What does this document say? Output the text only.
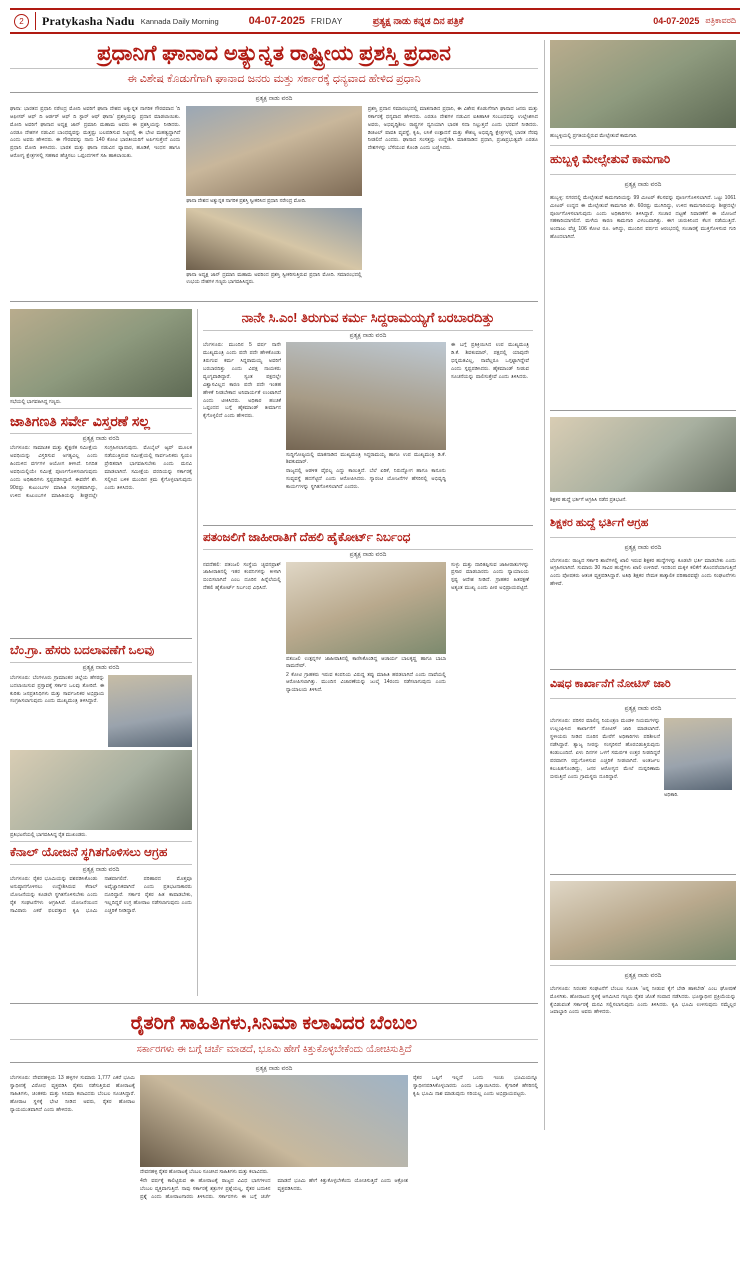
2	Pratykasha Nadu Kannada Daily Morning	04-07-2025 FRIDAY	ಪ್ರತ್ಯಕ್ಷ ನಾಡು ಕನ್ನಡ ದಿನ ಪತ್ರಿಕೆ	04-07-2025 ಪತ್ರಿಕಾವರದಿ
ಪ್ರಧಾನಿಗೆ ಘಾನಾದ ಅತ್ಯುನ್ನತ ರಾಷ್ಟ್ರೀಯ ಪ್ರಶಸ್ತಿ ಪ್ರದಾನ
ಈ ವಿಶೇಷ ಕೊಡುಗೆಗಾಗಿ ಘಾನಾದ ಜನರು ಮತ್ತು ಸರ್ಕಾರಕ್ಕೆ ಧನ್ಯವಾದ ಹೇಳಿದ ಪ್ರಧಾನಿ
ಪ್ರತ್ಯಕ್ಷ ನಾಡು ವರದಿ
ಘಾನಾ: ಭಾರತದ ಪ್ರಧಾನಿ ನರೇಂದ್ರ ಮೋದಿ ಅವರಿಗೆ ಘಾನಾ ದೇಶದ ಅತ್ಯುನ್ನತ ನಾಗರಿಕ ಗೌರವವಾದ 'ದಿ ಆಫೀಸರ್ ಆಫ್ ದಿ ಆರ್ಡರ್ ಆಫ್ ದಿ ಸ್ಟಾರ್ ಆಫ್ ಘಾನಾ' ಪ್ರಶಸ್ತಿಯನ್ನು ಪ್ರದಾನ ಮಾಡಲಾಯಿತು. ಮೋದಿ ಅವರಿಗೆ ಘಾನಾದ ಅಧ್ಯಕ್ಷ ಜಾನ್ ದ್ರಮಾನಿ ಮಹಾಮ ಅವರು ಈ ಪ್ರಶಸ್ತಿಯನ್ನು ನೀಡಿದರು. ಎರಡೂ ದೇಶಗಳ ನಡುವಿನ ಬಾಂಧವ್ಯವನ್ನು ಮತ್ತಷ್ಟು ಬಲಪಡಿಸುವ ನಿಟ್ಟಿನಲ್ಲಿ ಈ ಭೇಟಿ ಮಹತ್ವದ್ದಾಗಿದೆ ಎಂದು ಅವರು ಹೇಳಿದರು. ಈ ಗೌರವವನ್ನು ನಾನು 140 ಕೋಟಿ ಭಾರತೀಯರಿಗೆ ಅರ್ಪಿಸುತ್ತೇನೆ ಎಂದು ಪ್ರಧಾನಿ ಮೋದಿ ತಿಳಿಸಿದರು. ಭಾರತ ಮತ್ತು ಘಾನಾ ನಡುವಿನ ವ್ಯಾಪಾರ, ಹೂಡಿಕೆ, ಇಂಧನ ಹಾಗೂ ಆರೋಗ್ಯ ಕ್ಷೇತ್ರಗಳಲ್ಲಿ ಸಹಕಾರ ಹೆಚ್ಚಿಸಲು ಒಪ್ಪಂದಗಳಿಗೆ ಸಹಿ ಹಾಕಲಾಯಿತು.
ಘಾನಾ ದೇಶದ ಅತ್ಯುನ್ನತ ನಾಗರಿಕ ಪ್ರಶಸ್ತಿ ಸ್ವೀಕರಿಸಿದ ಪ್ರಧಾನಿ ನರೇಂದ್ರ ಮೋದಿ.
ಘಾನಾ ಅಧ್ಯಕ್ಷ ಜಾನ್ ದ್ರಮಾನಿ ಮಹಾಮ ಅವರಿಂದ ಪ್ರಶಸ್ತಿ ಸ್ವೀಕರಿಸುತ್ತಿರುವ ಪ್ರಧಾನಿ ಮೋದಿ. ಸಮಾರಂಭದಲ್ಲಿ ಉಭಯ ದೇಶಗಳ ಗಣ್ಯರು ಭಾಗವಹಿಸಿದ್ದರು.
ಪ್ರಶಸ್ತಿ ಪ್ರದಾನ ಸಮಾರಂಭದಲ್ಲಿ ಮಾತನಾಡಿದ ಪ್ರಧಾನಿ, ಈ ವಿಶೇಷ ಕೊಡುಗೆಗಾಗಿ ಘಾನಾದ ಜನರು ಮತ್ತು ಸರ್ಕಾರಕ್ಕೆ ಧನ್ಯವಾದ ಹೇಳಿದರು. ಎರಡೂ ದೇಶಗಳ ನಡುವಿನ ಐತಿಹಾಸಿಕ ಸಂಬಂಧವನ್ನು ಉಲ್ಲೇಖಿಸಿದ ಅವರು, ಅಭಿವೃದ್ಧಿಶೀಲ ರಾಷ್ಟ್ರಗಳ ಧ್ವನಿಯಾಗಿ ಭಾರತ ಸದಾ ನಿಲ್ಲುತ್ತದೆ ಎಂದು ಭರವಸೆ ನೀಡಿದರು. ಡಿಜಿಟಲ್ ಪಾವತಿ ವ್ಯವಸ್ಥೆ, ಕೃಷಿ, ಲಸಿಕೆ ಉತ್ಪಾದನೆ ಮತ್ತು ಕೌಶಲ್ಯ ಅಭಿವೃದ್ಧಿ ಕ್ಷೇತ್ರಗಳಲ್ಲಿ ಭಾರತ ನೆರವು ನೀಡಲಿದೆ ಎಂದರು. ಘಾನಾದ ಸಂಸತ್ತನ್ನು ಉದ್ದೇಶಿಸಿ ಮಾತನಾಡಿದ ಪ್ರಧಾನಿ, ಪ್ರಜಾಪ್ರಭುತ್ವವೇ ಎರಡೂ ದೇಶಗಳನ್ನು ಬೆಸೆಯುವ ಕೊಂಡಿ ಎಂದು ಬಣ್ಣಿಸಿದರು.
ಸಭೆಯಲ್ಲಿ ಭಾಗವಹಿಸಿದ್ದ ಗಣ್ಯರು.
ಜಾತಿಗಣತಿ ಸರ್ವೇ ವಿಸ್ತರಣೆ ಸಲ್ಲ
ಪ್ರತ್ಯಕ್ಷ ನಾಡು ವರದಿ
ಬೆಂಗಳೂರು: ಸಾಮಾಜಿಕ ಮತ್ತು ಶೈಕ್ಷಣಿಕ ಸಮೀಕ್ಷೆಯ ಅವಧಿಯನ್ನು ವಿಸ್ತರಿಸುವ ಅಗತ್ಯವಿಲ್ಲ ಎಂದು ಹಿಂದುಳಿದ ವರ್ಗಗಳ ಆಯೋಗ ತಿಳಿಸಿದೆ. ನಿಗದಿತ ಅವಧಿಯಲ್ಲಿಯೇ ಸಮೀಕ್ಷೆ ಪೂರ್ಣಗೊಳಿಸಲಾಗುವುದು ಎಂದು ಅಧಿಕಾರಿಗಳು ಸ್ಪಷ್ಟಪಡಿಸಿದ್ದಾರೆ. ಈವರೆಗೆ ಶೇ. 90ರಷ್ಟು ಕುಟುಂಬಗಳ ಮಾಹಿತಿ ಸಂಗ್ರಹವಾಗಿದ್ದು, ಉಳಿದ ಕುಟುಂಬಗಳ ಮಾಹಿತಿಯನ್ನು ಶೀಘ್ರದಲ್ಲೇ ಸಂಗ್ರಹಿಸಲಾಗುವುದು. ಮೊಬೈಲ್ ಆ್ಯಪ್ ಮೂಲಕ ನಡೆಯುತ್ತಿರುವ ಸಮೀಕ್ಷೆಯಲ್ಲಿ ಸಾರ್ವಜನಿಕರು ಸ್ವಯಂ ಪ್ರೇರಿತರಾಗಿ ಭಾಗವಹಿಸಬೇಕು ಎಂದು ಮನವಿ ಮಾಡಲಾಗಿದೆ. ಸಮೀಕ್ಷೆಯ ವರದಿಯನ್ನು ಸರ್ಕಾರಕ್ಕೆ ಸಲ್ಲಿಸಿದ ಬಳಿಕ ಮುಂದಿನ ಕ್ರಮ ಕೈಗೊಳ್ಳಲಾಗುವುದು ಎಂದು ತಿಳಿಸಿದರು.
ಬೆಂ.ಗ್ರಾ. ಹೆಸರು ಬದಲಾವಣೆಗೆ ಒಲವು
ಪ್ರತ್ಯಕ್ಷ ನಾಡು ವರದಿ
ಬೆಂಗಳೂರು: ಬೆಂಗಳೂರು ಗ್ರಾಮಾಂತರ ಜಿಲ್ಲೆಯ ಹೆಸರನ್ನು ಬದಲಾಯಿಸುವ ಪ್ರಸ್ತಾವಕ್ಕೆ ಸರ್ಕಾರ ಒಲವು ತೋರಿದೆ. ಈ ಕುರಿತು ಜನಪ್ರತಿನಿಧಿಗಳು ಮತ್ತು ಸಾರ್ವಜನಿಕರ ಅಭಿಪ್ರಾಯ ಸಂಗ್ರಹಿಸಲಾಗುವುದು ಎಂದು ಮುಖ್ಯಮಂತ್ರಿ ತಿಳಿಸಿದ್ದಾರೆ.
ಪ್ರತಿಭಟನೆಯಲ್ಲಿ ಭಾಗವಹಿಸಿದ್ದ ರೈತ ಮುಖಂಡರು.
ಕೆನಾಲ್ ಯೋಜನೆ ಸ್ಥಗಿತಗೊಳಿಸಲು ಆಗ್ರಹ
ಪ್ರತ್ಯಕ್ಷ ನಾಡು ವರದಿ
ಬೆಂಗಳೂರು: ರೈತರ ಭೂಮಿಯನ್ನು ವಶಪಡಿಸಿಕೊಂಡು ಅನುಷ್ಠಾನಗೊಳಿಸಲು ಉದ್ದೇಶಿಸಿರುವ ಕೆನಾಲ್ ಯೋಜನೆಯನ್ನು ಕೂಡಲೇ ಸ್ಥಗಿತಗೊಳಿಸಬೇಕು ಎಂದು ರೈತ ಸಂಘಟನೆಗಳು ಆಗ್ರಹಿಸಿವೆ. ಯೋಜನೆಯಿಂದ ಸಾವಿರಾರು ಎಕರೆ ಫಲವತ್ತಾದ ಕೃಷಿ ಭೂಮಿ ನಾಶವಾಗಲಿದೆ. ಪರಿಹಾರದ ಮೊತ್ತವೂ ಅವೈಜ್ಞಾನಿಕವಾಗಿದೆ ಎಂದು ಪ್ರತಿಭಟನಾಕಾರರು ದೂರಿದ್ದಾರೆ. ಸರ್ಕಾರ ರೈತರ ಹಿತ ಕಾಪಾಡಬೇಕು, ಇಲ್ಲದಿದ್ದರೆ ಉಗ್ರ ಹೋರಾಟ ನಡೆಸಲಾಗುವುದು ಎಂದು ಎಚ್ಚರಿಕೆ ನೀಡಿದ್ದಾರೆ.
ನಾನೇ ಸಿ.ಎಂ! ತಿರುಗುವ ಕರ್ಮ ಸಿದ್ದರಾಮಯ್ಯಗೆ ಬರಬಾರದಿತ್ತು
ಪ್ರತ್ಯಕ್ಷ ನಾಡು ವರದಿ
ಬೆಂಗಳೂರು: ಮುಂದಿನ 5 ವರ್ಷ ನಾನೇ ಮುಖ್ಯಮಂತ್ರಿ ಎಂದು ಪದೇ ಪದೇ ಹೇಳಿಕೊಂಡು ತಿರುಗುವ ಕರ್ಮ ಸಿದ್ದರಾಮಯ್ಯ ಅವರಿಗೆ ಬರಬಾರದಿತ್ತು ಎಂದು ವಿಪಕ್ಷ ನಾಯಕರು ವ್ಯಂಗ್ಯವಾಡಿದ್ದಾರೆ. ಸ್ವಂತ ಪಕ್ಷದಲ್ಲೇ ವಿಶ್ವಾಸವಿಲ್ಲದ ಕಾರಣ ಪದೇ ಪದೇ ಇಂತಹ ಹೇಳಿಕೆ ನೀಡಬೇಕಾದ ಅನಿವಾರ್ಯತೆ ಉಂಟಾಗಿದೆ ಎಂದು ಟೀಕಿಸಿದರು. ಅಧಿಕಾರ ಹಂಚಿಕೆ ಒಪ್ಪಂದದ ಬಗ್ಗೆ ಹೈಕಮಾಂಡ್ ತೀರ್ಮಾನ ಕೈಗೊಳ್ಳಲಿದೆ ಎಂದು ಹೇಳಿದರು.
ಸುದ್ದಿಗೋಷ್ಠಿಯಲ್ಲಿ ಮಾತನಾಡಿದ ಮುಖ್ಯಮಂತ್ರಿ ಸಿದ್ದರಾಮಯ್ಯ ಹಾಗೂ ಉಪ ಮುಖ್ಯಮಂತ್ರಿ ಡಿ.ಕೆ. ಶಿವಕುಮಾರ್.
ರಾಜ್ಯದಲ್ಲಿ ಆಡಳಿತ ವೈಫಲ್ಯ ಎದ್ದು ಕಾಣುತ್ತಿದೆ. ಬೆಲೆ ಏರಿಕೆ, ನಿರುದ್ಯೋಗ ಹಾಗೂ ಕಾನೂನು ಸುವ್ಯವಸ್ಥೆ ಹದಗೆಟ್ಟಿದೆ ಎಂದು ಆರೋಪಿಸಿದರು. ಗ್ಯಾರಂಟಿ ಯೋಜನೆಗಳ ಹೆಸರಿನಲ್ಲಿ ಅಭಿವೃದ್ಧಿ ಕಾರ್ಯಗಳನ್ನು ಸ್ಥಗಿತಗೊಳಿಸಲಾಗಿದೆ ಎಂದರು.
ಈ ಬಗ್ಗೆ ಪ್ರತಿಕ್ರಿಯಿಸಿದ ಉಪ ಮುಖ್ಯಮಂತ್ರಿ ಡಿ.ಕೆ. ಶಿವಕುಮಾರ್, ಪಕ್ಷದಲ್ಲಿ ಯಾವುದೇ ಭಿನ್ನಮತವಿಲ್ಲ, ನಾವೆಲ್ಲರೂ ಒಗ್ಗಟ್ಟಾಗಿದ್ದೇವೆ ಎಂದು ಸ್ಪಷ್ಟಪಡಿಸಿದರು. ಹೈಕಮಾಂಡ್ ನೀಡುವ ಸೂಚನೆಯನ್ನು ಪಾಲಿಸುತ್ತೇವೆ ಎಂದು ತಿಳಿಸಿದರು.
ಪತಂಜಲಿಗೆ ಜಾಹೀರಾತಿಗೆ ದೆಹಲಿ ಹೈಕೋರ್ಟ್ ನಿರ್ಬಂಧ
ಪ್ರತ್ಯಕ್ಷ ನಾಡು ವರದಿ
ನವದೆಹಲಿ: ಪತಂಜಲಿ ಸಂಸ್ಥೆಯ ಚ್ಯವನಪ್ರಾಶ್ ಜಾಹೀರಾತಿನಲ್ಲಿ ಇತರ ಕಂಪನಿಗಳನ್ನು ಕೀಳಾಗಿ ಬಿಂಬಿಸಲಾಗಿದೆ ಎಂಬ ದೂರಿನ ಹಿನ್ನೆಲೆಯಲ್ಲಿ ದೆಹಲಿ ಹೈಕೋರ್ಟ್ ನಿರ್ಬಂಧ ವಿಧಿಸಿದೆ.
ಪತಂಜಲಿ ಉತ್ಪನ್ನಗಳ ಜಾಹೀರಾತಿನಲ್ಲಿ ಕಾಣಿಸಿಕೊಂಡಿದ್ದ ಆಚಾರ್ಯ ಬಾಲಕೃಷ್ಣ ಹಾಗೂ ಬಾಬಾ ರಾಮದೇವ್.
2 ಕೋಟಿ ಗ್ರಾಹಕರು ಇರುವ ಕಂಪನಿಯ ವಿರುದ್ಧ ತಪ್ಪು ಮಾಹಿತಿ ಹರಡಲಾಗಿದೆ ಎಂದು ದಾವೆಯಲ್ಲಿ ಆರೋಪಿಸಲಾಗಿತ್ತು. ಮುಂದಿನ ವಿಚಾರಣೆಯನ್ನು ಜುಲೈ 14ರಂದು ನಡೆಸಲಾಗುವುದು ಎಂದು ನ್ಯಾಯಾಲಯ ತಿಳಿಸಿದೆ.
ಸುಳ್ಳು ಮತ್ತು ದಾರಿತಪ್ಪಿಸುವ ಜಾಹೀರಾತುಗಳನ್ನು ಪ್ರಸಾರ ಮಾಡಬಾರದು ಎಂದು ನ್ಯಾಯಾಲಯ ಸ್ಪಷ್ಟ ಆದೇಶ ನೀಡಿದೆ. ಗ್ರಾಹಕರ ಹಿತರಕ್ಷಣೆ ಅತ್ಯಂತ ಮುಖ್ಯ ಎಂದು ಪೀಠ ಅಭಿಪ್ರಾಯಪಟ್ಟಿದೆ.
ರೈತರಿಗೆ ಸಾಹಿತಿಗಳು,ಸಿನಿಮಾ ಕಲಾವಿದರ ಬೆಂಬಲ
ಸರ್ಕಾರಗಳು ಈ ಬಗ್ಗೆ ಚರ್ಚೆ ಮಾಡದೆ, ಭೂಮಿ ಹೇಗೆ ಕಿತ್ತುಕೊಳ್ಳಬೇಕೆಂದು ಯೋಚಿಸುತ್ತಿದೆ
ಪ್ರತ್ಯಕ್ಷ ನಾಡು ವರದಿ
ಬೆಂಗಳೂರು: ದೇವನಹಳ್ಳಿಯ 13 ಹಳ್ಳಿಗಳ ಸುಮಾರು 1,777 ಎಕರೆ ಭೂಮಿ ಸ್ವಾಧೀನಕ್ಕೆ ವಿರೋಧ ವ್ಯಕ್ತಪಡಿಸಿ ರೈತರು ನಡೆಸುತ್ತಿರುವ ಹೋರಾಟಕ್ಕೆ ಸಾಹಿತಿಗಳು, ಚಿಂತಕರು ಮತ್ತು ಸಿನಿಮಾ ಕಲಾವಿದರು ಬೆಂಬಲ ಸೂಚಿಸಿದ್ದಾರೆ. ಹೋರಾಟ ಸ್ಥಳಕ್ಕೆ ಭೇಟಿ ನೀಡಿದ ಅವರು, ರೈತರ ಹೋರಾಟ ನ್ಯಾಯಯುತವಾಗಿದೆ ಎಂದು ಹೇಳಿದರು.
ದೇವನಹಳ್ಳಿ ರೈತರ ಹೋರಾಟಕ್ಕೆ ಬೆಂಬಲ ಸೂಚಿಸಿದ ಸಾಹಿತಿಗಳು ಮತ್ತು ಕಲಾವಿದರು.
4ನೇ ವರ್ಷಕ್ಕೆ ಕಾಲಿಟ್ಟಿರುವ ಈ ಹೋರಾಟಕ್ಕೆ ರಾಜ್ಯದ ವಿವಿಧ ಭಾಗಗಳಿಂದ ಬೆಂಬಲ ವ್ಯಕ್ತವಾಗುತ್ತಿದೆ. ನಾವು ಸರ್ಕಾರಕ್ಕೆ ಶತ್ರುಗಳ ಪ್ರಶ್ನೆಯಲ್ಲ, ರೈತರ ಬದುಕಿನ ಪ್ರಶ್ನೆ ಎಂದು ಹೋರಾಟಗಾರರು ತಿಳಿಸಿದರು. ಸರ್ಕಾರಗಳು ಈ ಬಗ್ಗೆ ಚರ್ಚೆ ಮಾಡದೆ ಭೂಮಿ ಹೇಗೆ ಕಿತ್ತುಕೊಳ್ಳಬೇಕೆಂದು ಯೋಚಿಸುತ್ತಿದೆ ಎಂದು ಆಕ್ರೋಶ ವ್ಯಕ್ತಪಡಿಸಿದರು.
ರೈತರ ಒಪ್ಪಿಗೆ ಇಲ್ಲದೆ ಒಂದು ಇಂಚು ಭೂಮಿಯನ್ನೂ ಸ್ವಾಧೀನಪಡಿಸಿಕೊಳ್ಳಬಾರದು ಎಂದು ಒತ್ತಾಯಿಸಿದರು. ಕೈಗಾರಿಕೆ ಹೆಸರಿನಲ್ಲಿ ಕೃಷಿ ಭೂಮಿ ನಾಶ ಮಾಡುವುದು ಸರಿಯಲ್ಲ ಎಂದು ಅಭಿಪ್ರಾಯಪಟ್ಟರು.
ಹುಬ್ಬಳ್ಳಿಯಲ್ಲಿ ಪ್ರಗತಿಯಲ್ಲಿರುವ ಮೇಲ್ಸೇತುವೆ ಕಾಮಗಾರಿ.
ಹುಬ್ಬಳ್ಳಿ ಮೇಲ್ಸೇತುವೆ ಕಾಮಗಾರಿ
ಪ್ರತ್ಯಕ್ಷ ನಾಡು ವರದಿ
ಹುಬ್ಬಳ್ಳಿ: ನಗರದಲ್ಲಿ ಮೇಲ್ಸೇತುವೆ ಕಾಮಗಾರಿಯನ್ನು 99 ಮೀಟರ್ ಕೆಲಸವನ್ನು ಪೂರ್ಣಗೊಳಿಸಲಾಗಿದೆ. ಒಟ್ಟು 1061 ಮೀಟರ್ ಉದ್ದದ ಈ ಮೇಲ್ಸೇತುವೆ ಕಾಮಗಾರಿ ಶೇ. 60ರಷ್ಟು ಮುಗಿದಿದ್ದು, ಉಳಿದ ಕಾಮಗಾರಿಯನ್ನು ಶೀಘ್ರದಲ್ಲೇ ಪೂರ್ಣಗೊಳಿಸಲಾಗುವುದು ಎಂದು ಅಧಿಕಾರಿಗಳು ತಿಳಿಸಿದ್ದಾರೆ. ಸಂಚಾರ ದಟ್ಟಣೆ ನಿವಾರಣೆಗೆ ಈ ಯೋಜನೆ ಸಹಕಾರಿಯಾಗಲಿದೆ. ಮಳೆಯ ಕಾರಣ ಕಾಮಗಾರಿ ವಿಳಂಬವಾಗಿತ್ತು. ಈಗ ಚುರುಕಿನಿಂದ ಕೆಲಸ ನಡೆಯುತ್ತಿದೆ. ಅಂದಾಜು ವೆಚ್ಚ 106 ಕೋಟಿ ರೂ. ಆಗಿದ್ದು, ಮುಂದಿನ ವರ್ಷದ ಆರಂಭದಲ್ಲಿ ಸಂಚಾರಕ್ಕೆ ಮುಕ್ತಗೊಳಿಸುವ ಗುರಿ ಹೊಂದಲಾಗಿದೆ.
ಶಿಕ್ಷಕರ ಹುದ್ದೆ ಭರ್ತಿಗೆ ಆಗ್ರಹಿಸಿ ನಡೆದ ಪ್ರತಿಭಟನೆ.
ಶಿಕ್ಷಕರ ಹುದ್ದೆ ಭರ್ತಿಗೆ ಆಗ್ರಹ
ಪ್ರತ್ಯಕ್ಷ ನಾಡು ವರದಿ
ಬೆಂಗಳೂರು: ರಾಜ್ಯದ ಸರ್ಕಾರಿ ಶಾಲೆಗಳಲ್ಲಿ ಖಾಲಿ ಇರುವ ಶಿಕ್ಷಕರ ಹುದ್ದೆಗಳನ್ನು ಕೂಡಲೇ ಭರ್ತಿ ಮಾಡಬೇಕು ಎಂದು ಆಗ್ರಹಿಸಲಾಗಿದೆ. ಸುಮಾರು 30 ಸಾವಿರ ಹುದ್ದೆಗಳು ಖಾಲಿ ಉಳಿದಿವೆ. ಇದರಿಂದ ಮಕ್ಕಳ ಕಲಿಕೆಗೆ ತೊಂದರೆಯಾಗುತ್ತಿದೆ ಎಂದು ಪೋಷಕರು ಆತಂಕ ವ್ಯಕ್ತಪಡಿಸಿದ್ದಾರೆ. ಅತಿಥಿ ಶಿಕ್ಷಕರ ನೇಮಕ ತಾತ್ಕಾಲಿಕ ಪರಿಹಾರವಷ್ಟೇ ಎಂದು ಸಂಘಟನೆಗಳು ಹೇಳಿವೆ.
ವಿಷಧ ಕಾರ್ಖಾನೆಗೆ ನೋಟಿಸ್ ಜಾರಿ
ಪ್ರತ್ಯಕ್ಷ ನಾಡು ವರದಿ
ಬೆಂಗಳೂರು: ಪರಿಸರ ಮಾಲಿನ್ಯ ನಿಯಂತ್ರಣ ಮಂಡಳಿ ನಿಯಮಗಳನ್ನು ಉಲ್ಲಂಘಿಸಿದ ಕಾರ್ಖಾನೆಗೆ ನೋಟಿಸ್ ಜಾರಿ ಮಾಡಲಾಗಿದೆ. ಸ್ಥಳೀಯರು ನೀಡಿದ ದೂರಿನ ಮೇರೆಗೆ ಅಧಿಕಾರಿಗಳು ಪರಿಶೀಲನೆ ನಡೆಸಿದ್ದಾರೆ. ತ್ಯಾಜ್ಯ ನೀರನ್ನು ಸಂಸ್ಕರಿಸದೆ ಹೊರಬಿಡುತ್ತಿರುವುದು ಕಂಡುಬಂದಿದೆ. ಏಳು ದಿನಗಳ ಒಳಗೆ ಸಮರ್ಪಕ ಉತ್ತರ ನೀಡದಿದ್ದರೆ ಪರವಾನಗಿ ರದ್ದುಗೊಳಿಸುವ ಎಚ್ಚರಿಕೆ ನೀಡಲಾಗಿದೆ. ಅಂತರ್ಜಲ ಕಲುಷಿತಗೊಂಡಿದ್ದು, ಜನರ ಆರೋಗ್ಯದ ಮೇಲೆ ದುಷ್ಪರಿಣಾಮ ಬೀರುತ್ತಿದೆ ಎಂದು ಗ್ರಾಮಸ್ಥರು ದೂರಿದ್ದಾರೆ.
ಅಧಿಕಾರಿ.
ಪ್ರತ್ಯಕ್ಷ ನಾಡು ವರದಿ
ಬೆಂಗಳೂರು: ನಿರಂತರ ಸಂಘಟನೆಗೆ ಬೆಂಬಲ ಸೂಚಿಸಿ 'ಅನ್ನ ನೀಡುವ ಕೈಗೆ ಬೇಡಿ ಹಾಕಬೇಡಿ' ಎಂಬ ಘೋಷಣೆ ಮೊಳಗಿತು. ಹೋರಾಟದ ಸ್ಥಳಕ್ಕೆ ಆಗಮಿಸಿದ ಗಣ್ಯರು ರೈತರ ಜೊತೆ ಸಂವಾದ ನಡೆಸಿದರು. ಭೂಸ್ವಾಧೀನ ಪ್ರಕ್ರಿಯೆಯನ್ನು ಕೈಬಿಡುವಂತೆ ಸರ್ಕಾರಕ್ಕೆ ಮನವಿ ಸಲ್ಲಿಸಲಾಗುವುದು ಎಂದು ತಿಳಿಸಿದರು. ಕೃಷಿ ಭೂಮಿ ಉಳಿಸುವುದು ನಮ್ಮೆಲ್ಲರ ಜವಾಬ್ದಾರಿ ಎಂದು ಅವರು ಹೇಳಿದರು.
